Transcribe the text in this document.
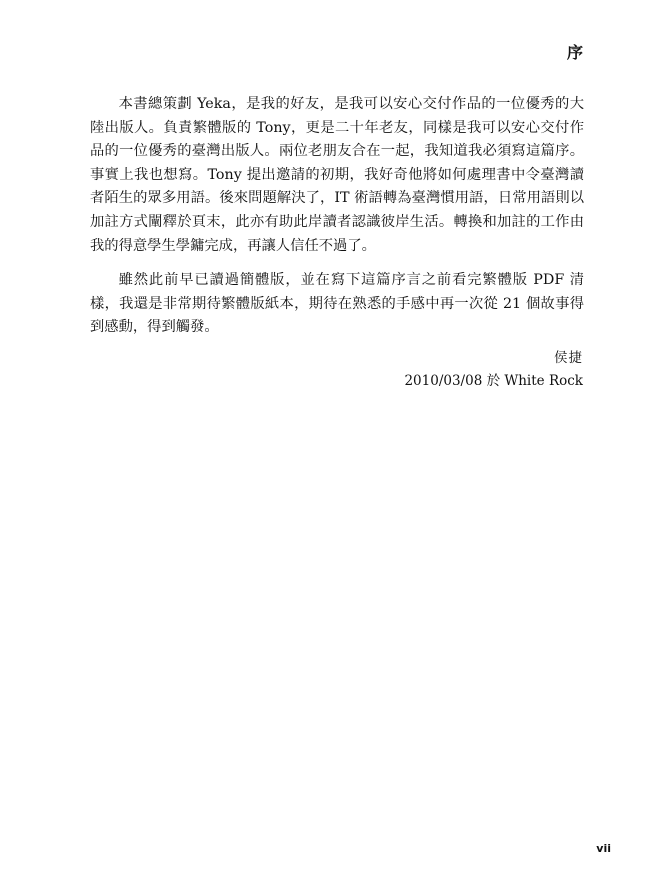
序

本書總策劃 Yeka，是我的好友，是我可以安心交付作品的一位優秀的大陸出版人。負責繁體版的 Tony，更是二十年老友，同樣是我可以安心交付作品的一位優秀的臺灣出版人。兩位老朋友合在一起，我知道我必須寫這篇序。事實上我也想寫。Tony 提出邀請的初期，我好奇他將如何處理書中令臺灣讀者陌生的眾多用語。後來問題解決了，IT 術語轉為臺灣慣用語，日常用語則以加註方式闡釋於頁末，此亦有助此岸讀者認識彼岸生活。轉換和加註的工作由我的得意學生學鏞完成，再讓人信任不過了。

雖然此前早已讀過簡體版，並在寫下這篇序言之前看完繁體版 PDF 清樣，我還是非常期待繁體版紙本，期待在熟悉的手感中再一次從 21 個故事得到感動，得到觸發。

侯捷
2010/03/08 於 White Rock
vii
